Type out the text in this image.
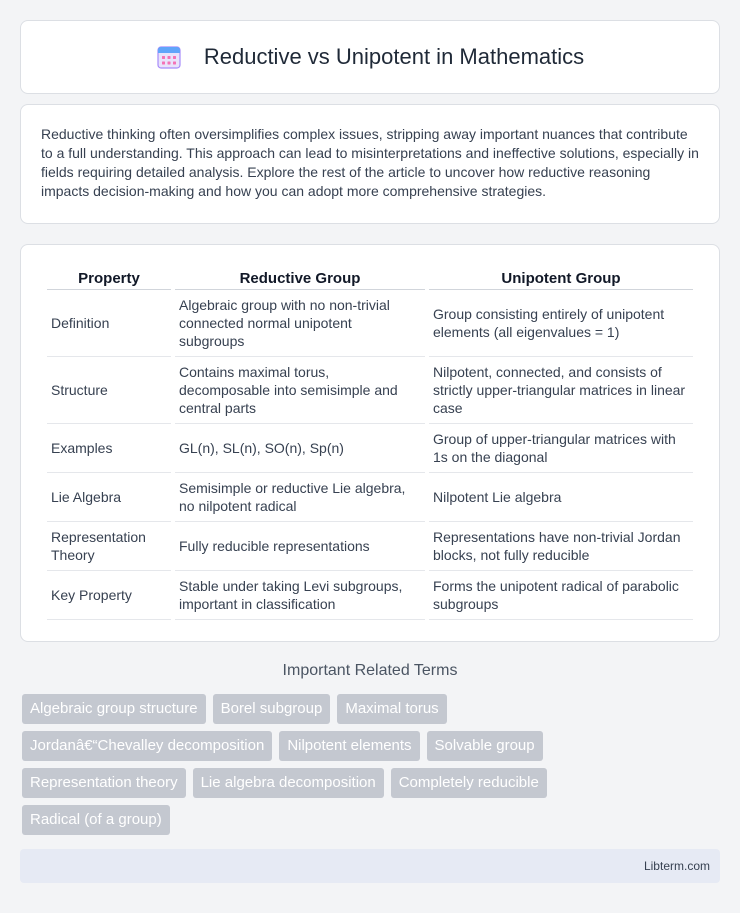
Reductive vs Unipotent in Mathematics

Reductive thinking often oversimplifies complex issues, stripping away important nuances that contribute to a full understanding. This approach can lead to misinterpretations and ineffective solutions, especially in fields requiring detailed analysis. Explore the rest of the article to uncover how reductive reasoning impacts decision-making and how you can adopt more comprehensive strategies.

Property	Reductive Group	Unipotent Group
Definition	Algebraic group with no non-trivial connected normal unipotent subgroups	Group consisting entirely of unipotent elements (all eigenvalues = 1)
Structure	Contains maximal torus, decomposable into semisimple and central parts	Nilpotent, connected, and consists of strictly upper-triangular matrices in linear case
Examples	GL(n), SL(n), SO(n), Sp(n)	Group of upper-triangular matrices with 1s on the diagonal
Lie Algebra	Semisimple or reductive Lie algebra, no nilpotent radical	Nilpotent Lie algebra
Representation Theory	Fully reducible representations	Representations have non-trivial Jordan blocks, not fully reducible
Key Property	Stable under taking Levi subgroups, important in classification	Forms the unipotent radical of parabolic subgroups
Important Related Terms
Algebraic group structure	Borel subgroup	Maximal torus
Jordanâ€“Chevalley decomposition	Nilpotent elements	Solvable group
Representation theory	Lie algebra decomposition	Completely reducible
Radical (of a group)
Libterm.com
